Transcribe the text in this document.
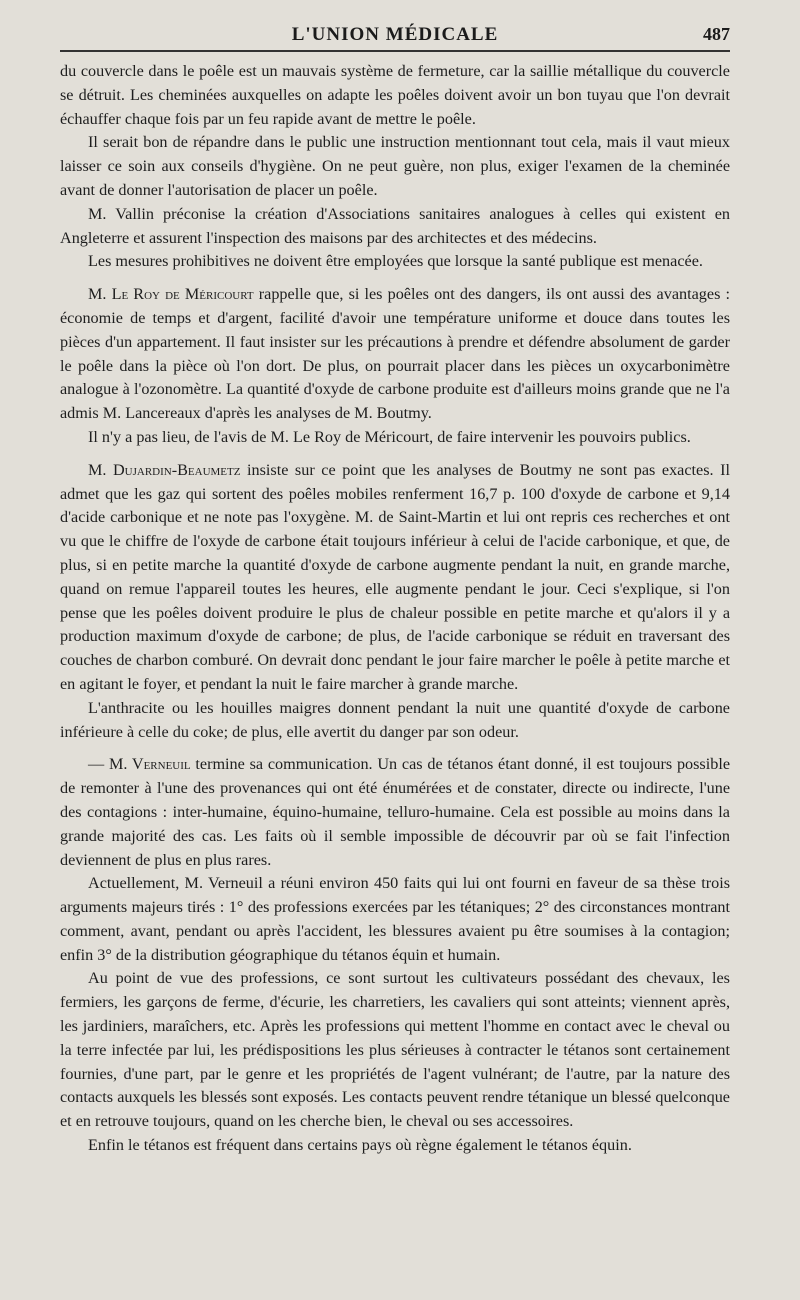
L'UNION MÉDICALE	487

du couvercle dans le poêle est un mauvais système de fermeture, car la saillie métallique du couvercle se détruit. Les cheminées auxquelles on adapte les poêles doivent avoir un bon tuyau que l'on devrait échauffer chaque fois par un feu rapide avant de mettre le poêle.

Il serait bon de répandre dans le public une instruction mentionnant tout cela, mais il vaut mieux laisser ce soin aux conseils d'hygiène. On ne peut guère, non plus, exiger l'examen de la cheminée avant de donner l'autorisation de placer un poêle.

M. Vallin préconise la création d'Associations sanitaires analogues à celles qui existent en Angleterre et assurent l'inspection des maisons par des architectes et des médecins.

Les mesures prohibitives ne doivent être employées que lorsque la santé publique est menacée.

M. Le Roy de Méricourt rappelle que, si les poêles ont des dangers, ils ont aussi des avantages : économie de temps et d'argent, facilité d'avoir une température uniforme et douce dans toutes les pièces d'un appartement. Il faut insister sur les précautions à prendre et défendre absolument de garder le poêle dans la pièce où l'on dort. De plus, on pourrait placer dans les pièces un oxycarbonimètre analogue à l'ozonomètre. La quantité d'oxyde de carbone produite est d'ailleurs moins grande que ne l'a admis M. Lancereaux d'après les analyses de M. Boutmy.

Il n'y a pas lieu, de l'avis de M. Le Roy de Méricourt, de faire intervenir les pouvoirs publics.

M. Dujardin-Beaumetz insiste sur ce point que les analyses de Boutmy ne sont pas exactes. Il admet que les gaz qui sortent des poêles mobiles renferment 16,7 p. 100 d'oxyde de carbone et 9,14 d'acide carbonique et ne note pas l'oxygène. M. de Saint-Martin et lui ont repris ces recherches et ont vu que le chiffre de l'oxyde de carbone était toujours inférieur à celui de l'acide carbonique, et que, de plus, si en petite marche la quantité d'oxyde de carbone augmente pendant la nuit, en grande marche, quand on remue l'appareil toutes les heures, elle augmente pendant le jour. Ceci s'explique, si l'on pense que les poêles doivent produire le plus de chaleur possible en petite marche et qu'alors il y a production maximum d'oxyde de carbone; de plus, de l'acide carbonique se réduit en traversant des couches de charbon comburé. On devrait donc pendant le jour faire marcher le poêle à petite marche et en agitant le foyer, et pendant la nuit le faire marcher à grande marche.

L'anthracite ou les houilles maigres donnent pendant la nuit une quantité d'oxyde de carbone inférieure à celle du coke; de plus, elle avertit du danger par son odeur.

— M. Verneuil termine sa communication. Un cas de tétanos étant donné, il est toujours possible de remonter à l'une des provenances qui ont été énumérées et de constater, directe ou indirecte, l'une des contagions : inter-humaine, équino-humaine, telluro-humaine. Cela est possible au moins dans la grande majorité des cas. Les faits où il semble impossible de découvrir par où se fait l'infection deviennent de plus en plus rares.

Actuellement, M. Verneuil a réuni environ 450 faits qui lui ont fourni en faveur de sa thèse trois arguments majeurs tirés : 1° des professions exercées par les tétaniques; 2° des circonstances montrant comment, avant, pendant ou après l'accident, les blessures avaient pu être soumises à la contagion; enfin 3° de la distribution géographique du tétanos équin et humain.

Au point de vue des professions, ce sont surtout les cultivateurs possédant des chevaux, les fermiers, les garçons de ferme, d'écurie, les charretiers, les cavaliers qui sont atteints; viennent après, les jardiniers, maraîchers, etc. Après les professions qui mettent l'homme en contact avec le cheval ou la terre infectée par lui, les prédispositions les plus sérieuses à contracter le tétanos sont certainement fournies, d'une part, par le genre et les propriétés de l'agent vulnérant; de l'autre, par la nature des contacts auxquels les blessés sont exposés. Les contacts peuvent rendre tétanique un blessé quelconque et en retrouve toujours, quand on les cherche bien, le cheval ou ses accessoires.

Enfin le tétanos est fréquent dans certains pays où règne également le tétanos équin.
